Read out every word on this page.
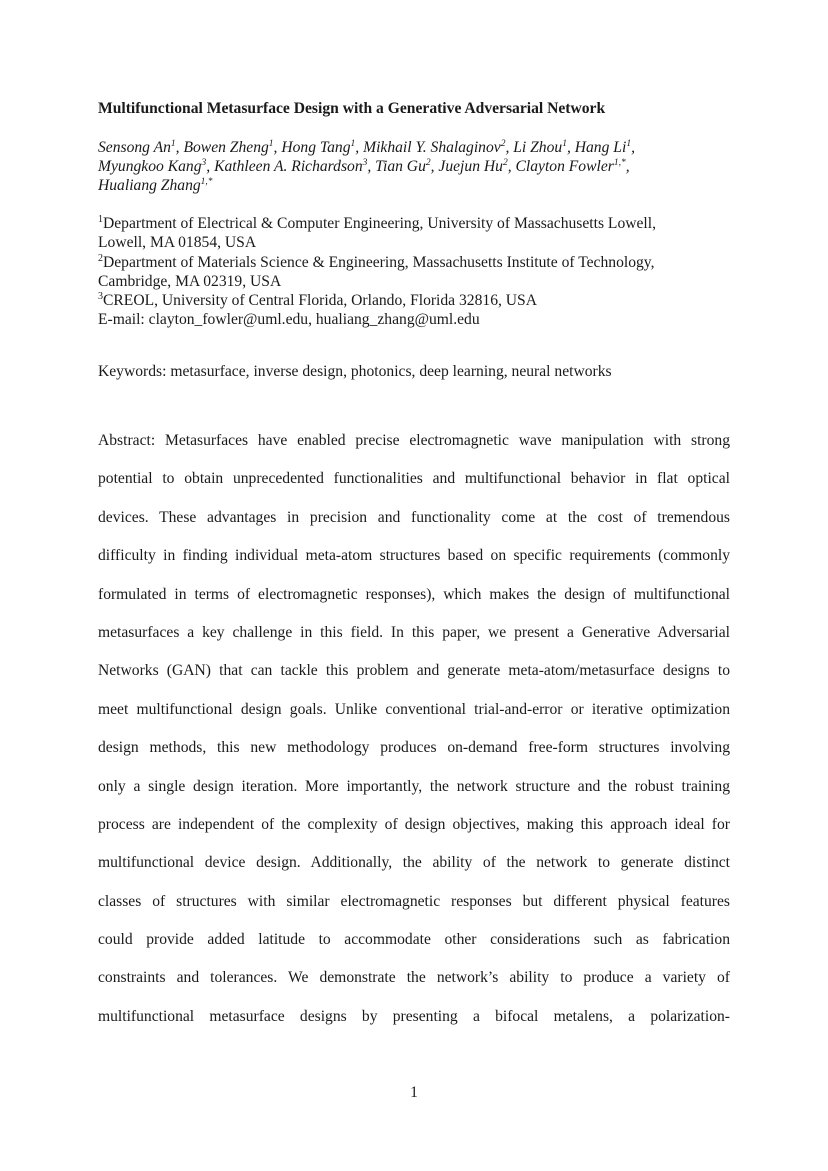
Multifunctional Metasurface Design with a Generative Adversarial Network
Sensong An$^1$, Bowen Zheng$^1$, Hong Tang$^1$, Mikhail Y. Shalaginov$^2$, Li Zhou$^1$, Hang Li$^1$,
Myungkoo Kang$^3$, Kathleen A. Richardson$^3$, Tian Gu$^2$, Juejun Hu$^2$, Clayton Fowler$^{1,*}$,
Hualiang Zhang$^{1,*}$
$^1$Department of Electrical & Computer Engineering, University of Massachusetts Lowell,
Lowell, MA 01854, USA
$^2$Department of Materials Science & Engineering, Massachusetts Institute of Technology,
Cambridge, MA 02319, USA
$^3$CREOL, University of Central Florida, Orlando, Florida 32816, USA
E-mail: clayton_fowler@uml.edu, hualiang_zhang@uml.edu
Keywords: metasurface, inverse design, photonics, deep learning, neural networks
Abstract: Metasurfaces have enabled precise electromagnetic wave manipulation with strong
potential to obtain unprecedented functionalities and multifunctional behavior in flat optical
devices. These advantages in precision and functionality come at the cost of tremendous
difficulty in finding individual meta-atom structures based on specific requirements (commonly
formulated in terms of electromagnetic responses), which makes the design of multifunctional
metasurfaces a key challenge in this field. In this paper, we present a Generative Adversarial
Networks (GAN) that can tackle this problem and generate meta-atom/metasurface designs to
meet multifunctional design goals. Unlike conventional trial-and-error or iterative optimization
design methods, this new methodology produces on-demand free-form structures involving
only a single design iteration. More importantly, the network structure and the robust training
process are independent of the complexity of design objectives, making this approach ideal for
multifunctional device design. Additionally, the ability of the network to generate distinct
classes of structures with similar electromagnetic responses but different physical features
could provide added latitude to accommodate other considerations such as fabrication
constraints and tolerances. We demonstrate the network’s ability to produce a variety of
multifunctional metasurface designs by presenting a bifocal metalens, a polarization-
1
